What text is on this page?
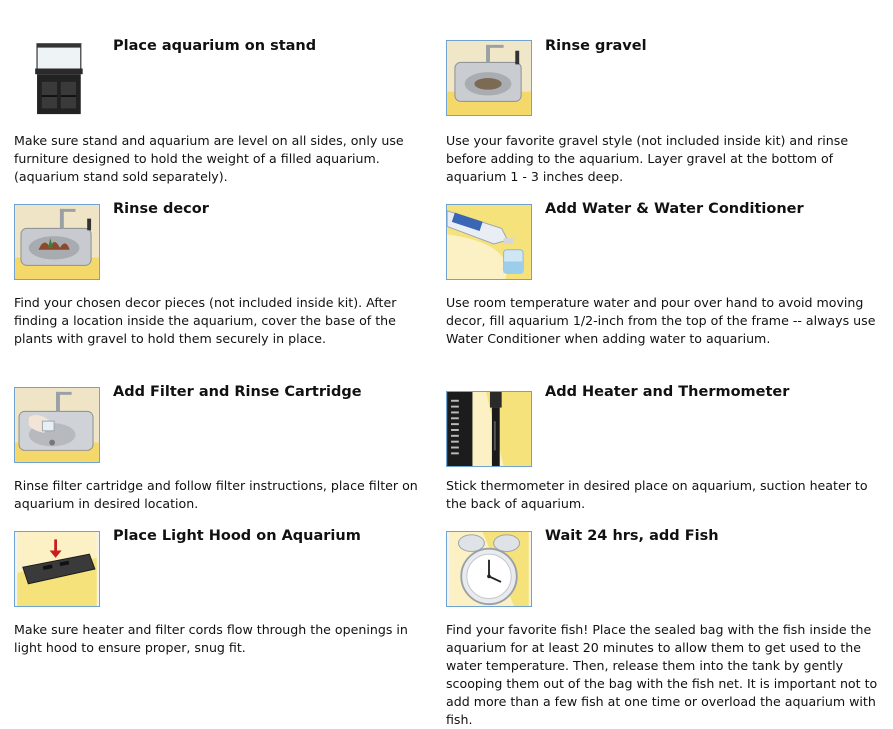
Place aquarium on stand
Make sure stand and aquarium are level on all sides, only use furniture designed to hold the weight of a filled aquarium. (aquarium stand sold separately).
Rinse gravel
Use your favorite gravel style (not included inside kit) and rinse before adding to the aquarium. Layer gravel at the bottom of aquarium 1 - 3 inches deep.
Rinse decor
Find your chosen decor pieces (not included inside kit). After finding a location inside the aquarium, cover the base of the plants with gravel to hold them securely in place.
Add Water & Water Conditioner
Use room temperature water and pour over hand to avoid moving decor, fill aquarium 1/2-inch from the top of the frame -- always use Water Conditioner when adding water to aquarium.
Add Filter and Rinse Cartridge
Rinse filter cartridge and follow filter instructions, place filter on aquarium in desired location.
Add Heater and Thermometer
Stick thermometer in desired place on aquarium, suction heater to the back of aquarium.
Place Light Hood on Aquarium
Make sure heater and filter cords flow through the openings in light hood to ensure proper, snug fit.
Wait 24 hrs, add Fish
Find your favorite fish! Place the sealed bag with the fish inside the aquarium for at least 20 minutes to allow them to get used to the water temperature. Then, release them into the tank by gently scooping them out of the bag with the fish net. It is important not to add more than a few fish at one time or overload the aquarium with fish.
